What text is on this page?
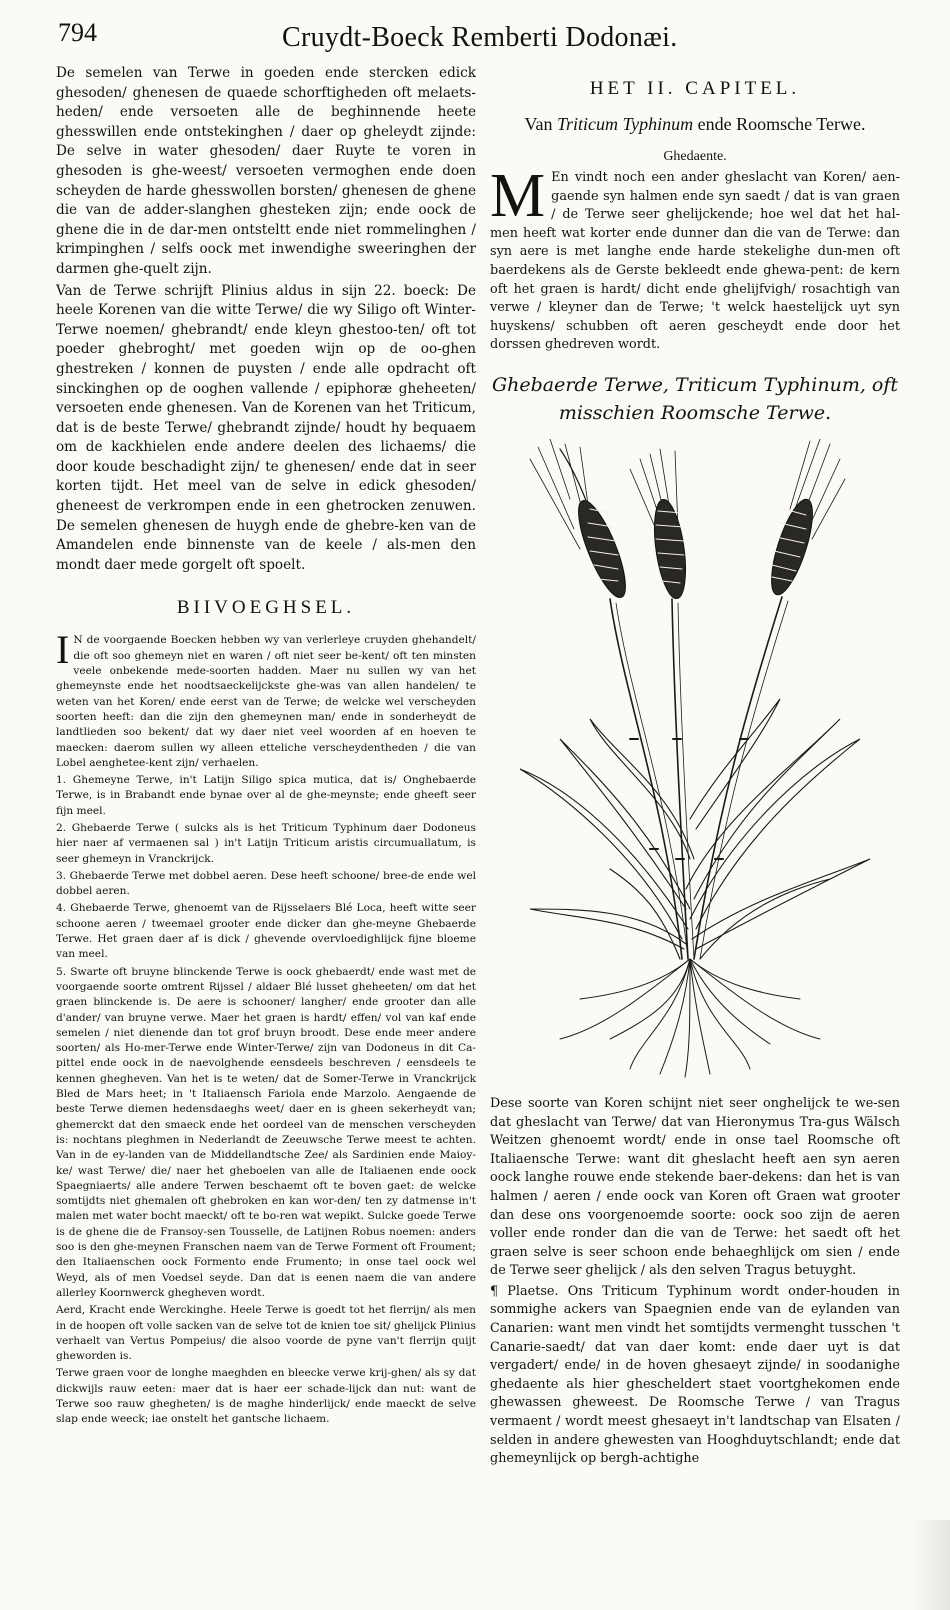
794	Cruydt-Boeck Remberti Dodonæi.

De semelen van Terwe in goeden ende stercken edick ghesoden/ ghenesen de quaede schorftigheden oft melaets-heden/ ende versoeten alle de beghinnende heete ghesswillen ende ontstekinghen / daer op gheleydt zijnde: De selve in water ghesoden/ daer Ruyte te voren in ghesoden is ghe-weest/ versoeten vermoghen ende doen scheyden de harde ghesswollen borsten/ ghenesen de ghene die van de adder-slanghen ghesteken zijn; ende oock de ghene die in de dar-men ontsteltt ende niet rommelinghen / krimpinghen / selfs oock met inwendighe sweeringhen der darmen ghe-quelt zijn.

Van de Terwe schrijft Plinius aldus in sijn 22. boeck: De heele Korenen van die witte Terwe/ die wy Siligo oft Winter-Terwe noemen/ ghebrandt/ ende kleyn ghestoo-ten/ oft tot poeder ghebroght/ met goeden wijn op de oo-ghen ghestreken / konnen de puysten / ende alle opdracht oft sinckinghen op de ooghen vallende / epiphoræ gheheeten/ versoeten ende ghenesen. Van de Korenen van het Triticum, dat is de beste Terwe/ ghebrandt zijnde/ houdt hy bequaem om de kackhielen ende andere deelen des lichaems/ die door koude beschadight zijn/ te ghenesen/ ende dat in seer korten tijdt. Het meel van de selve in edick ghesoden/ gheneest de verkrompen ende in een ghetrocken zenuwen. De semelen ghenesen de huygh ende de ghebre-ken van de Amandelen ende binnenste van de keele / als-men den mondt daer mede gorgelt oft spoelt.

BIIVOEGHSEL.

I N de voorgaende Boecken hebben wy van verlerleye cruyden ghehandelt/ die oft soo ghemeyn niet en waren / oft niet seer be-kent/ oft ten minsten veele onbekende mede-soorten hadden. Maer nu sullen wy van het ghemeynste ende het noodtsaeckelijckste ghe-was van allen handelen/ te weten van het Koren/ ende eerst van de Terwe; de welcke wel verscheyden soorten heeft: dan die zijn den ghemeynen man/ ende in sonderheydt de landtlieden soo bekent/ dat wy daer niet veel woorden af en hoeven te maecken: daerom sullen wy alleen etteliche verscheydentheden / die van Lobel aenghetee-kent zijn/ verhaelen.

1. Ghemeyne Terwe, in't Latijn Siligo spica mutica, dat is/ Onghebaerde Terwe, is in Brabandt ende bynae over al de ghe-meynste; ende gheeft seer fijn meel.

2. Ghebaerde Terwe ( sulcks als is het Triticum Typhinum daer Dodoneus hier naer af vermaenen sal ) in't Latijn Triticum aristis circumuallatum, is seer ghemeyn in Vranckrijck.

3. Ghebaerde Terwe met dobbel aeren. Dese heeft schoone/ bree-de ende wel dobbel aeren.

4. Ghebaerde Terwe, ghenoemt van de Rijsselaers Blé Loca, heeft witte seer schoone aeren / tweemael grooter ende dicker dan ghe-meyne Ghebaerde Terwe. Het graen daer af is dick / ghevende overvloedighlijck fijne bloeme van meel.

5. Swarte oft bruyne blinckende Terwe is oock ghebaerdt/ ende wast met de voorgaende soorte omtrent Rijssel / aldaer Blé lusset gheheeten/ om dat het graen blinckende is. De aere is schooner/ langher/ ende grooter dan alle d'ander/ van bruyne verwe. Maer het graen is hardt/ effen/ vol van kaf ende semelen / niet dienende dan tot grof bruyn broodt. Dese ende meer andere soorten/ als Ho-mer-Terwe ende Winter-Terwe/ zijn van Dodoneus in dit Ca-pittel ende oock in de naevolghende eensdeels beschreven / eensdeels te kennen ghegheven. Van het is te weten/ dat de Somer-Terwe in Vranckrijck Bled de Mars heet; in 't Italiaensch Fariola ende Marzolo. Aengaende de beste Terwe diemen hedensdaeghs weet/ daer en is gheen sekerheydt van; ghemerckt dat den smaeck ende het oordeel van de menschen verscheyden is: nochtans pleghmen in Nederlandt de Zeeuwsche Terwe meest te achten. Van in de ey-landen van de Middellandtsche Zee/ als Sardinien ende Maioy-ke/ wast Terwe/ die/ naer het gheboelen van alle de Italiaenen ende oock Spaegniaerts/ alle andere Terwen beschaemt oft te boven gaet: de welcke somtijdts niet ghemalen oft ghebroken en kan wor-den/ ten zy datmense in't malen met water bocht maeckt/ oft te bo-ren wat wepikt. Sulcke goede Terwe is de ghene die de Fransoy-sen Tousselle, de Latijnen Robus noemen: anders soo is den ghe-meynen Franschen naem van de Terwe Forment oft Froument; den Italiaenschen oock Formento ende Frumento; in onse tael oock wel Weyd, als of men Voedsel seyde. Dan dat is eenen naem die van andere allerley Koornwerck ghegheven wordt.

Aerd, Kracht ende Werckinghe. Heele Terwe is goedt tot het flerrijn/ als men in de hoopen oft volle sacken van de selve tot de knien toe sit/ ghelijck Plinius verhaelt van Vertus Pompeius/ die alsoo voorde de pyne van't flerrijn quijt gheworden is.

Terwe graen voor de longhe maeghden en bleecke verwe krij-ghen/ als sy dat dickwijls rauw eeten: maer dat is haer eer schade-lijck dan nut: want de Terwe soo rauw ghegheten/ is de maghe hinderlijck/ ende maeckt de selve slap ende weeck; iae onstelt het gantsche lichaem.

HET II. CAPITEL.
Van Triticum Typhinum ende Roomsche Terwe.
Ghedaente.

M En vindt noch een ander gheslacht van Koren/ aen-gaende syn halmen ende syn saedt / dat is van graen / de Terwe seer ghelijckende; hoe wel dat het hal-men heeft wat korter ende dunner dan die van de Terwe: dan syn aere is met langhe ende harde stekelighe dun-men oft baerdekens als de Gerste bekleedt ende ghewa-pent: de kern oft het graen is hardt/ dicht ende ghelijfvigh/ rosachtigh van verwe / kleyner dan de Terwe; 't welck haestelijck uyt syn huyskens/ schubben oft aeren gescheydt ende door het dorssen ghedreven wordt.

Ghebaerde Terwe, Triticum Typhinum, oft misschien Roomsche Terwe.

Dese soorte van Koren schijnt niet seer onghelijck te we-sen dat gheslacht van Terwe/ dat van Hieronymus Tra-gus Wälsch Weitzen ghenoemt wordt/ ende in onse tael Roomsche oft Italiaensche Terwe: want dit gheslacht heeft aen syn aeren oock langhe rouwe ende stekende baer-dekens: dan het is van halmen / aeren / ende oock van Koren oft Graen wat grooter dan dese ons voorgenoemde soorte: oock soo zijn de aeren voller ende ronder dan die van de Terwe: het saedt oft het graen selve is seer schoon ende behaeghlijck om sien / ende de Terwe seer ghelijck / als den selven Tragus betuyght.

¶ Plaetse. Ons Triticum Typhinum wordt onder-houden in sommighe ackers van Spaegnien ende van de eylanden van Canarien: want men vindt het somtijdts vermenght tusschen 't Canarie-saedt/ dat van daer komt: ende daer uyt is dat vergadert/ ende/ in de hoven ghesaeyt zijnde/ in soodanighe ghedaente als hier ghescheldert staet voortghekomen ende ghewassen gheweest. De Roomsche Terwe / van Tragus vermaent / wordt meest ghesaeyt in't landtschap van Elsaten / selden in andere ghewesten van Hooghduytschlandt; ende dat ghemeynlijck op bergh-achtighe
